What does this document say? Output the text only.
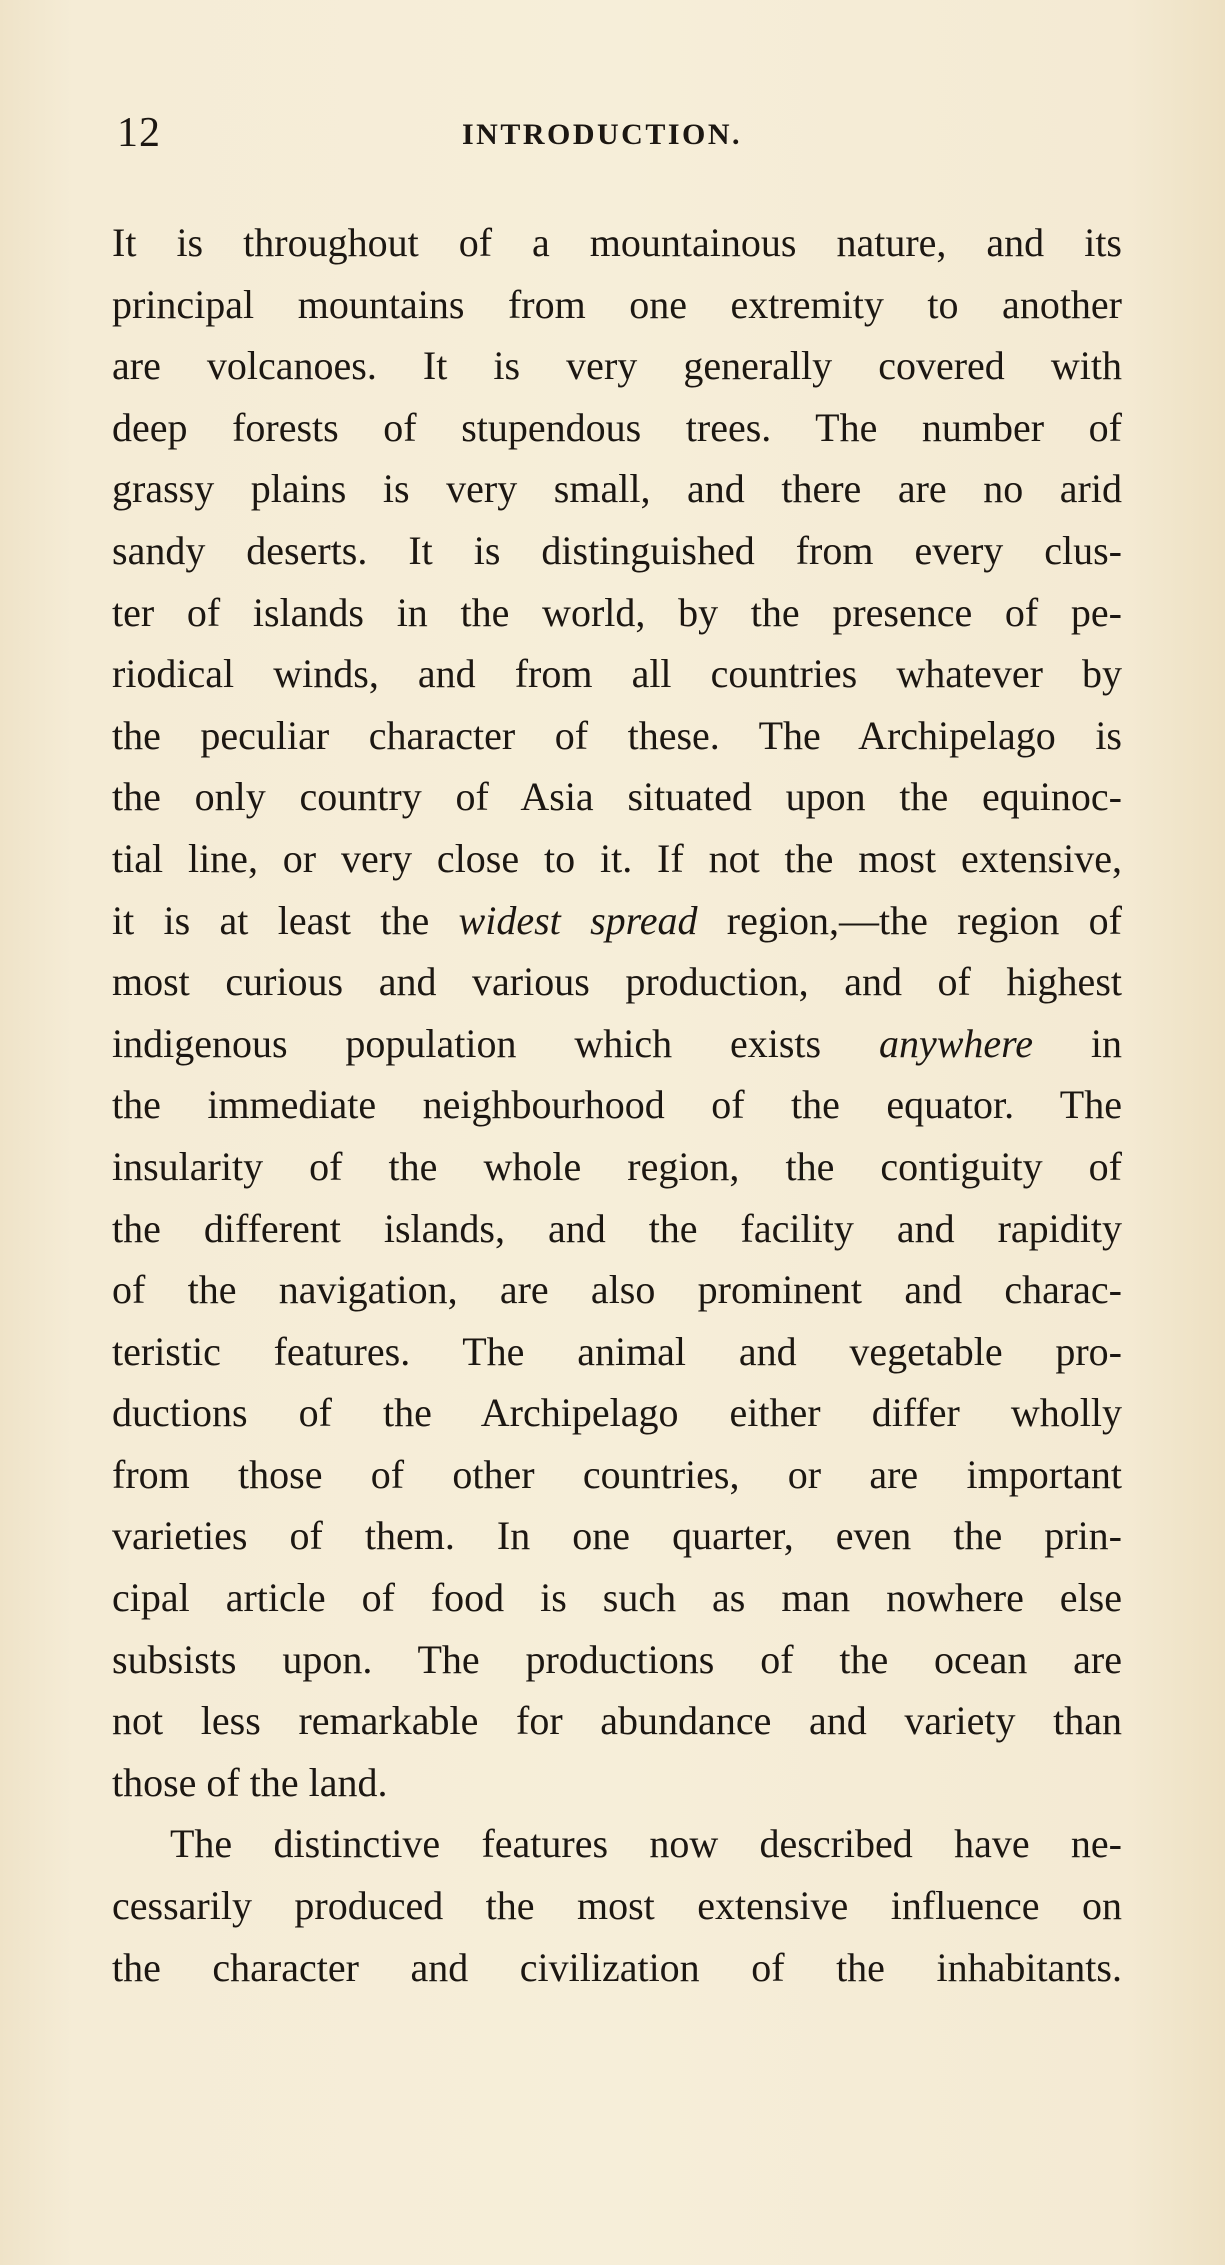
12	INTRODUCTION.
It is throughout of a mountainous nature, and its
principal mountains from one extremity to another
are volcanoes. It is very generally covered with
deep forests of stupendous trees. The number of
grassy plains is very small, and there are no arid
sandy deserts. It is distinguished from every clus-
ter of islands in the world, by the presence of pe-
riodical winds, and from all countries whatever by
the peculiar character of these. The Archipelago is
the only country of Asia situated upon the equinoc-
tial line, or very close to it. If not the most extensive,
it is at least the widest spread region,—the region of
most curious and various production, and of highest
indigenous population which exists anywhere in
the immediate neighbourhood of the equator. The
insularity of the whole region, the contiguity of
the different islands, and the facility and rapidity
of the navigation, are also prominent and charac-
teristic features. The animal and vegetable pro-
ductions of the Archipelago either differ wholly
from those of other countries, or are important
varieties of them. In one quarter, even the prin-
cipal article of food is such as man nowhere else
subsists upon. The productions of the ocean are
not less remarkable for abundance and variety than
those of the land.
The distinctive features now described have ne-
cessarily produced the most extensive influence on
the character and civilization of the inhabitants.
